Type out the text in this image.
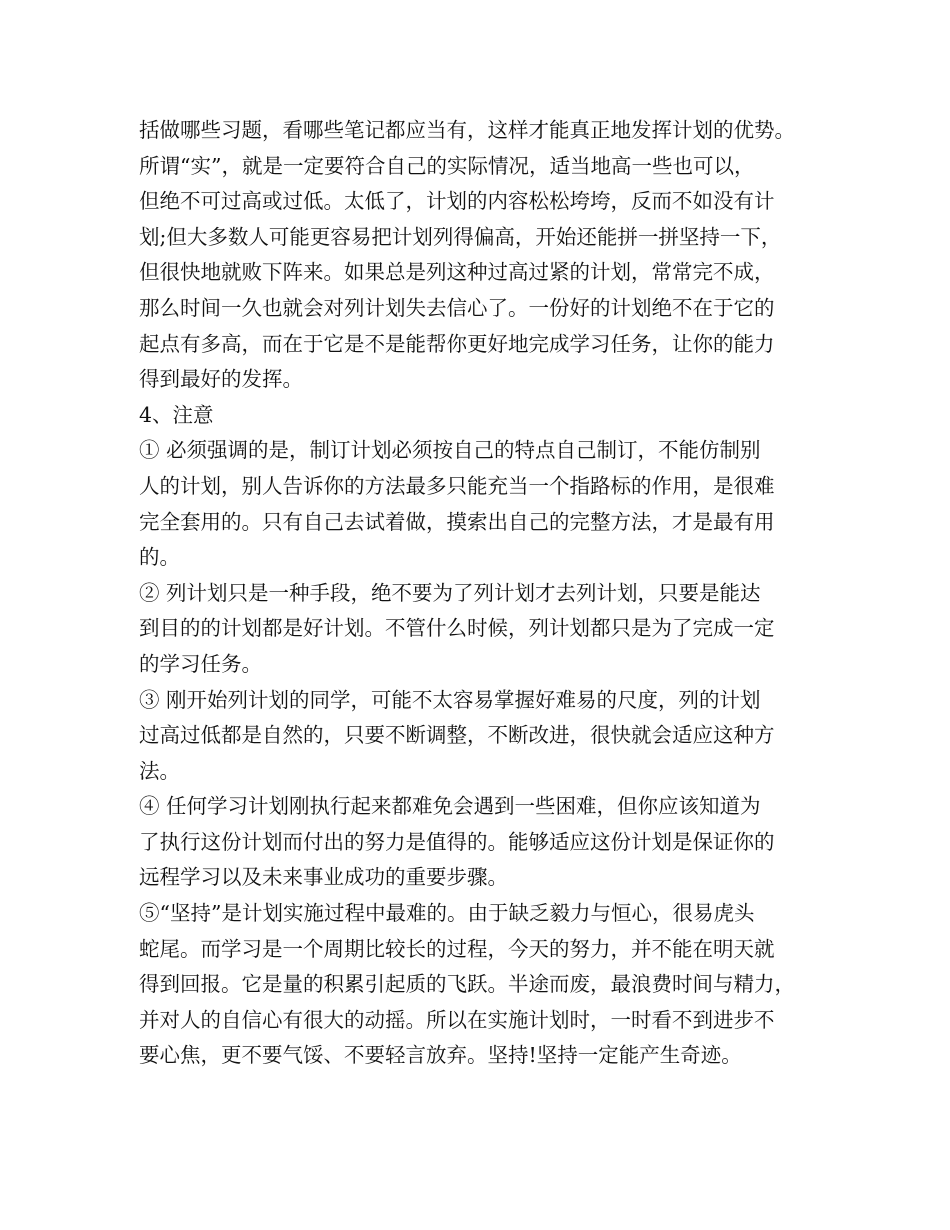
括做哪些习题，看哪些笔记都应当有，这样才能真正地发挥计划的优势。
所谓“实”，就是一定要符合自己的实际情况，适当地高一些也可以，
但绝不可过高或过低。太低了，计划的内容松松垮垮，反而不如没有计
划;但大多数人可能更容易把计划列得偏高，开始还能拼一拼坚持一下，
但很快地就败下阵来。如果总是列这种过高过紧的计划，常常完不成，
那么时间一久也就会对列计划失去信心了。一份好的计划绝不在于它的
起点有多高，而在于它是不是能帮你更好地完成学习任务，让你的能力
得到最好的发挥。
4、注意
① 必须强调的是，制订计划必须按自己的特点自己制订，不能仿制别
人的计划，别人告诉你的方法最多只能充当一个指路标的作用，是很难
完全套用的。只有自己去试着做，摸索出自己的完整方法，才是最有用
的。
② 列计划只是一种手段，绝不要为了列计划才去列计划，只要是能达
到目的的计划都是好计划。不管什么时候，列计划都只是为了完成一定
的学习任务。
③ 刚开始列计划的同学，可能不太容易掌握好难易的尺度，列的计划
过高过低都是自然的，只要不断调整，不断改进，很快就会适应这种方
法。
④ 任何学习计划刚执行起来都难免会遇到一些困难，但你应该知道为
了执行这份计划而付出的努力是值得的。能够适应这份计划是保证你的
远程学习以及未来事业成功的重要步骤。
⑤“坚持”是计划实施过程中最难的。由于缺乏毅力与恒心，很易虎头
蛇尾。而学习是一个周期比较长的过程，今天的努力，并不能在明天就
得到回报。它是量的积累引起质的飞跃。半途而废，最浪费时间与精力，
并对人的自信心有很大的动摇。所以在实施计划时，一时看不到进步不
要心焦，更不要气馁、不要轻言放弃。坚持!坚持一定能产生奇迹。
